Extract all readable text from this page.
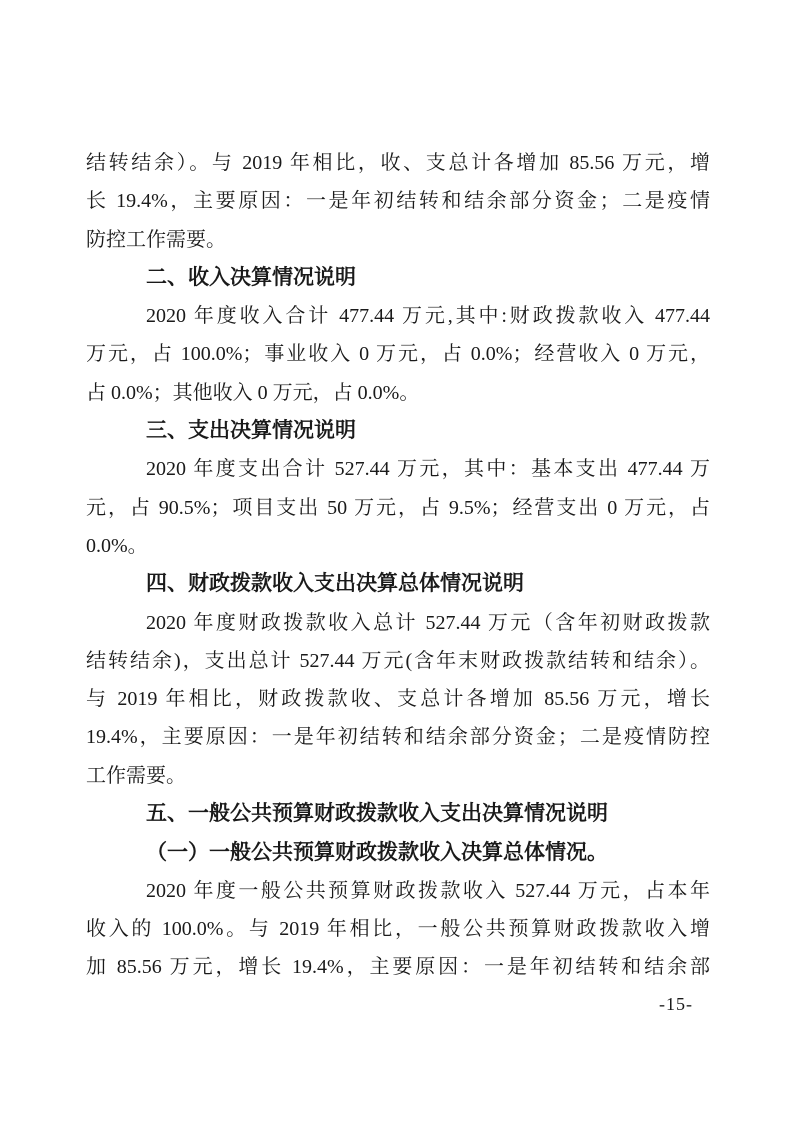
结转结余）。与 2019 年相比，收、支总计各增加 85.56 万元，增
长 19.4%，主要原因：一是年初结转和结余部分资金；二是疫情
防控工作需要。
二、收入决算情况说明
2020 年度收入合计 477.44 万元,其中:财政拨款收入 477.44
万元，占 100.0%；事业收入 0 万元，占 0.0%；经营收入 0 万元，
占 0.0%；其他收入 0 万元，占 0.0%。
三、支出决算情况说明
2020 年度支出合计 527.44 万元，其中：基本支出 477.44 万
元，占 90.5%；项目支出 50 万元，占 9.5%；经营支出 0 万元，占
0.0%。
四、财政拨款收入支出决算总体情况说明
2020 年度财政拨款收入总计 527.44 万元（含年初财政拨款
结转结余)，支出总计 527.44 万元(含年末财政拨款结转和结余）。
与 2019 年相比，财政拨款收、支总计各增加 85.56 万元，增长
19.4%，主要原因：一是年初结转和结余部分资金；二是疫情防控
工作需要。
五、一般公共预算财政拨款收入支出决算情况说明
（一）一般公共预算财政拨款收入决算总体情况。
2020 年度一般公共预算财政拨款收入 527.44 万元，占本年
收入的 100.0%。与 2019 年相比，一般公共预算财政拨款收入增
加 85.56 万元，增长 19.4%，主要原因：一是年初结转和结余部
-15-
